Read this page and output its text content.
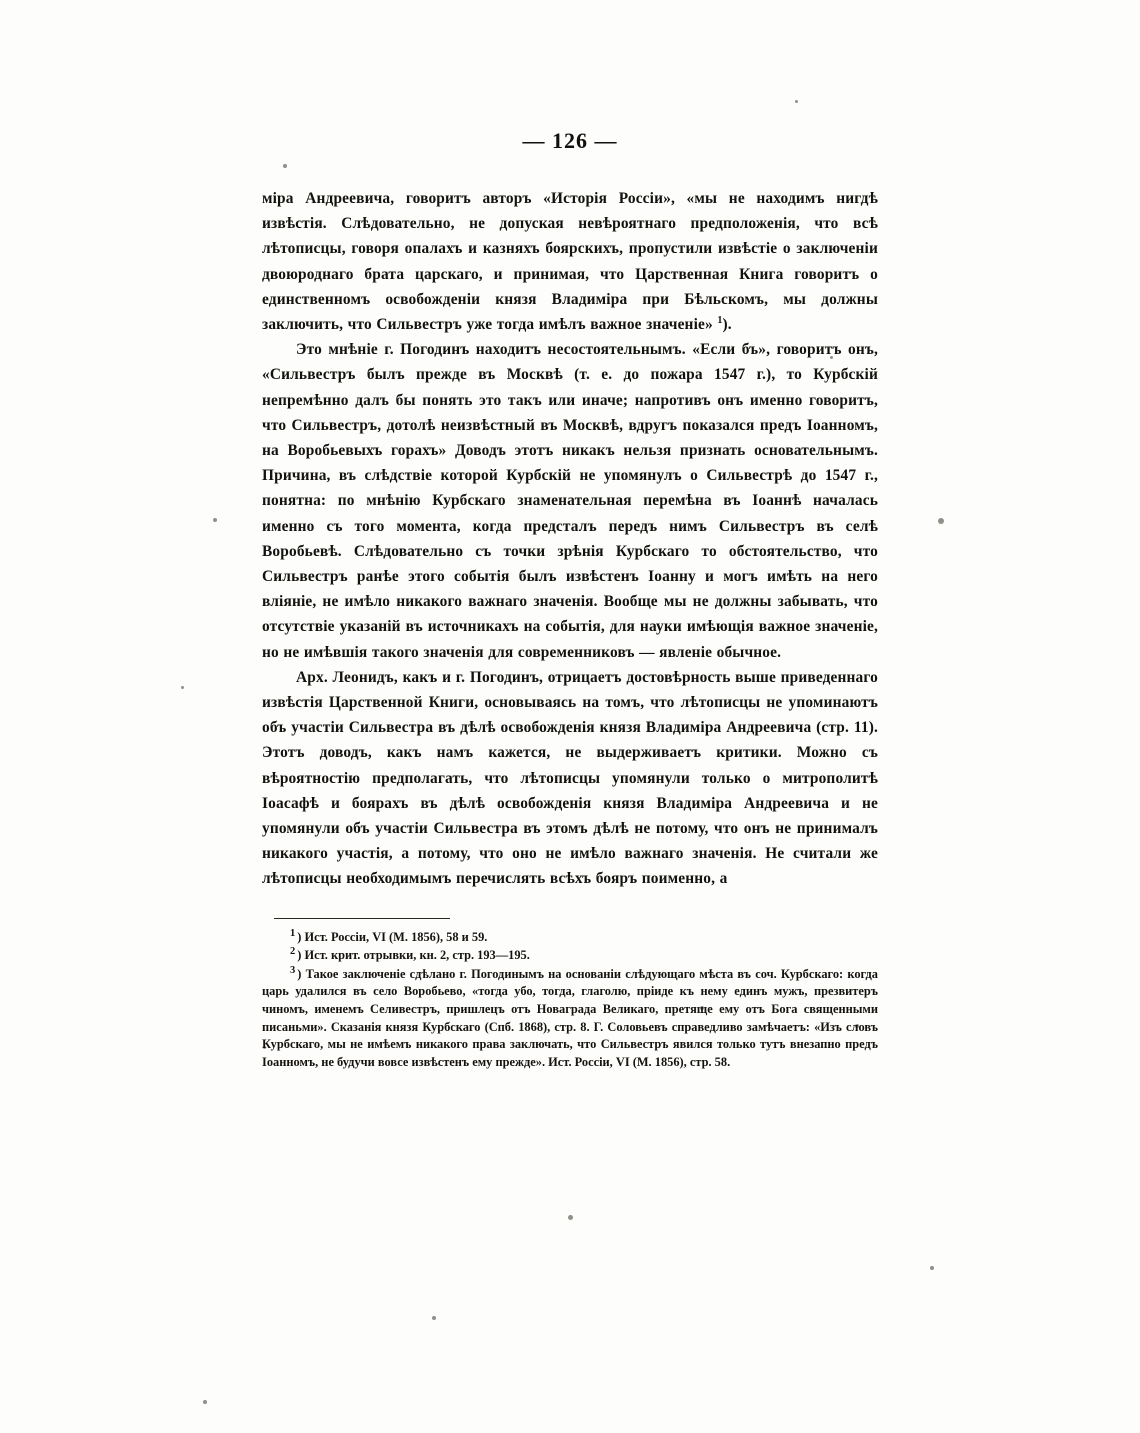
— 126 —

міра Андреевича, говоритъ авторъ «Исторія Россіи», «мы не находимъ нигдѣ извѣстія. Слѣдовательно, не допуская невѣроятнаго предположенія, что всѣ лѣтописцы, говоря опалахъ и казняхъ боярскихъ, пропустили извѣстіе о заключеніи двоюроднаго брата царскаго, и принимая, что Царственная Книга говоритъ о единственномъ освобожденіи князя Владиміра при Бѣльскомъ, мы должны заключить, что Сильвестръ уже тогда имѣлъ важное значеніе» $^1$).

Это мнѣніе г. Погодинъ находитъ несостоятельнымъ. «Если бъ», говоритъ онъ, «Сильвестръ былъ прежде въ Москвѣ (т. е. до пожара 1547 г.), то Курбскій непремѣнно далъ бы понять это такъ или иначе; напротивъ онъ именно говоритъ, что Сильвестръ, дотолѣ неизвѣстный въ Москвѣ, вдругъ показался предъ Іоанномъ, на Воробьевыхъ горахъ» Доводъ этотъ никакъ нельзя признать основательнымъ. Причина, въ слѣдствіе которой Курбскій не упомянулъ о Сильвестрѣ до 1547 г., понятна: по мнѣнію Курбскаго знаменательная перемѣна въ Іоаннѣ началась именно съ того момента, когда предсталъ передъ нимъ Сильвестръ въ селѣ Воробьевѣ. Слѣдовательно съ точки зрѣнія Курбскаго то обстоятельство, что Сильвестръ ранѣе этого событія былъ извѣстенъ Іоанну и могъ имѣть на него вліяніе, не имѣло никакого важнаго значенія. Вообще мы не должны забывать, что отсутствіе указаній въ источникахъ на событія, для науки имѣющія важное значеніе, но не имѣвшія такого значенія для современниковъ — явленіе обычное.

Арх. Леонидъ, какъ и г. Погодинъ, отрицаетъ достовѣрность выше приведеннаго извѣстія Царственной Книги, основываясь на томъ, что лѣтописцы не упоминаютъ объ участіи Сильвестра въ дѣлѣ освобожденія князя Владиміра Андреевича (стр. 11). Этотъ доводъ, какъ намъ кажется, не выдерживаетъ критики. Можно съ вѣроятностію предполагать, что лѣтописцы упомянули только о митрополитѣ Іоасафѣ и боярахъ въ дѣлѣ освобожденія князя Владиміра Андреевича и не упомянули объ участіи Сильвестра въ этомъ дѣлѣ не потому, что онъ не принималъ никакого участія, а потому, что оно не имѣло важнаго значенія. Не считали же лѣтописцы необходимымъ перечислять всѣхъ бояръ поименно, а

$^1$ ) Ист. Россіи, VI (М. 1856), 58 и 59.

$^2$ ) Ист. крит. отрывки, кн. 2, стр. 193—195.

$^3$ ) Такое заключеніе сдѣлано г. Погодинымъ на основаніи слѣдующаго мѣста въ соч. Курбскаго: когда царь удалился въ село Воробьево, «тогда убо, тогда, глаголю, пріиде къ нему единъ мужъ, презвитеръ чиномъ, именемъ Селивестръ, пришлецъ отъ Новаграда Великаго, претяще ему отъ Бога священными писаньми». Сказанія князя Курбскаго (Спб. 1868), стр. 8. Г. Соловьевъ справедливо замѣчаетъ: «Изъ словъ Курбскаго, мы не имѣемъ никакого права заключать, что Сильвестръ явился только тутъ внезапно предъ Іоанномъ, не будучи вовсе извѣстенъ ему прежде». Ист. Россіи, VI (М. 1856), стр. 58.
